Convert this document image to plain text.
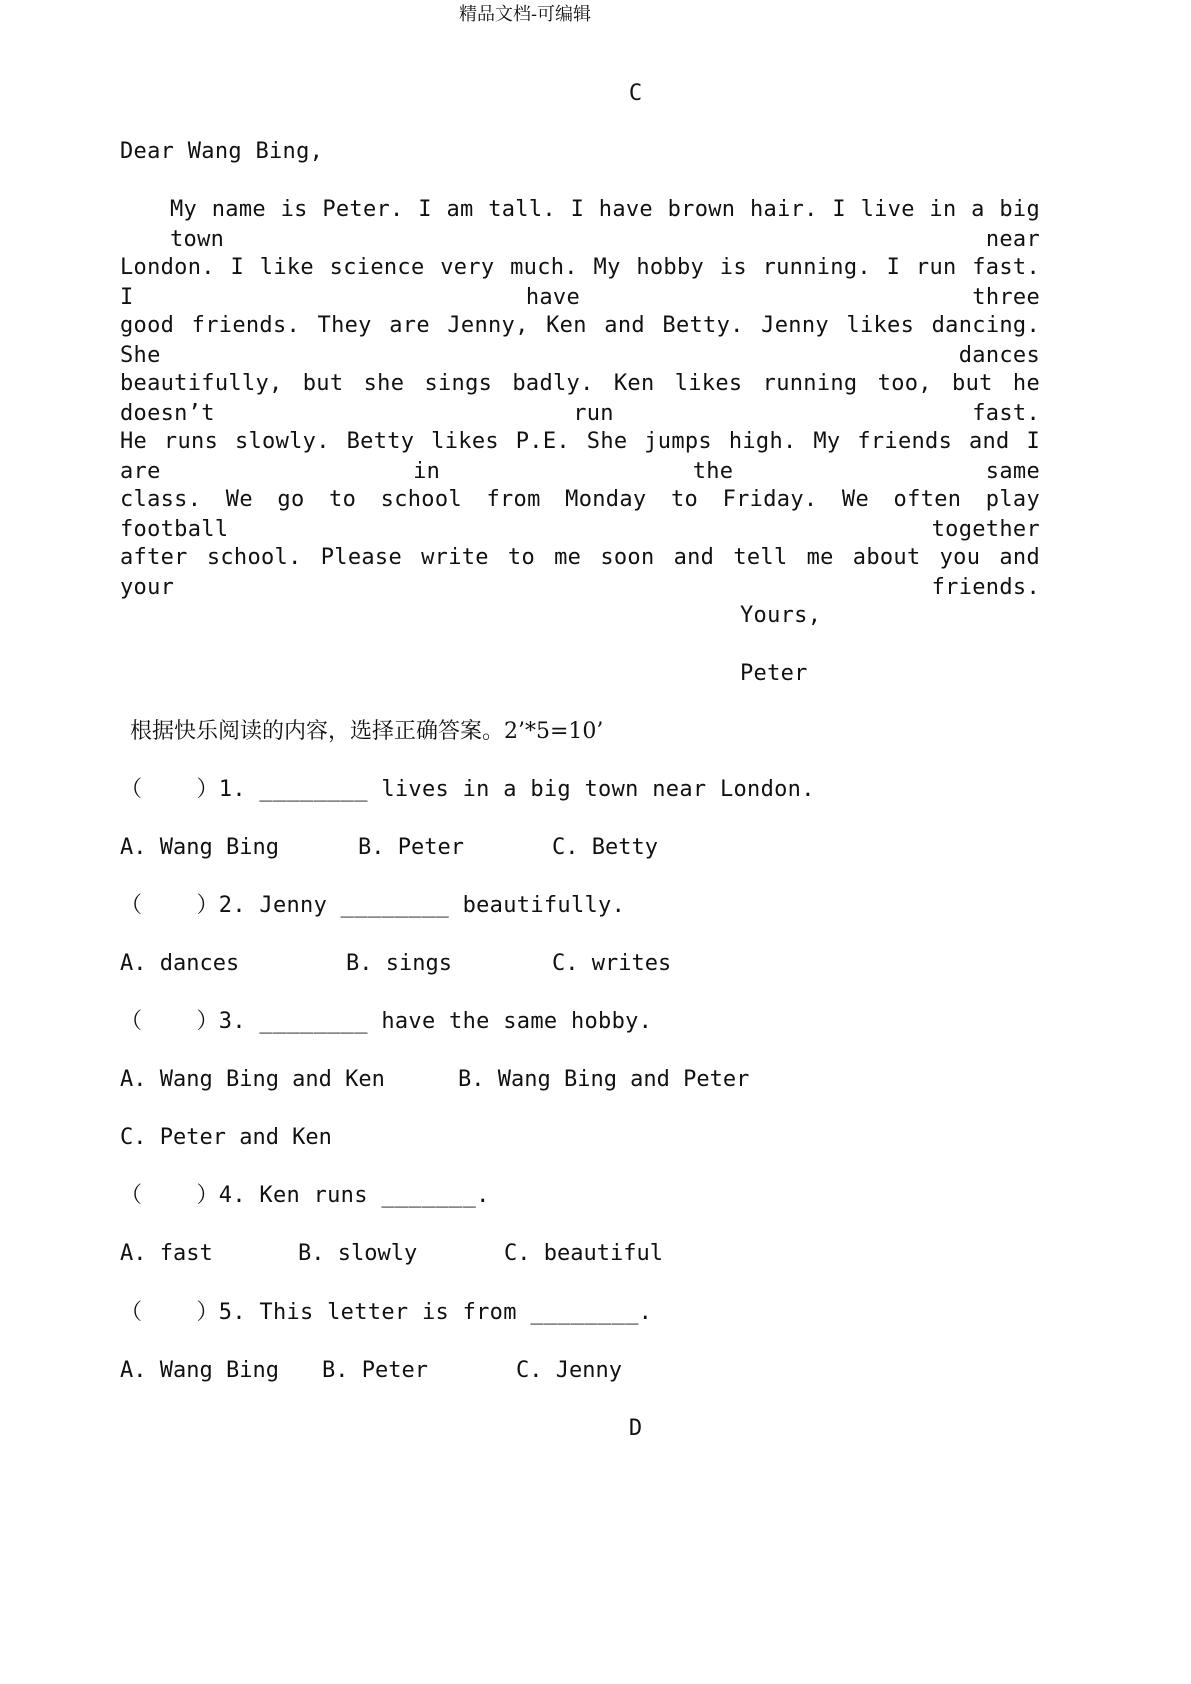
精品文档-可编辑
C
Dear Wang Bing,
My name is Peter. I am tall. I have brown hair. I live in a big town near
London. I like science very much. My hobby is running. I run fast. I have three
good friends. They are Jenny, Ken and Betty. Jenny likes dancing. She dances
beautifully, but she sings badly. Ken likes running too, but he doesn’t run fast.
He runs slowly. Betty likes P.E. She jumps high. My friends and I are in the same
class. We go to school from Monday to Friday. We often play football together
after school. Please write to me soon and tell me about you and your friends.
Yours,
Peter
根据快乐阅读的内容，选择正确答案。2’*5=10’
（    ）1. ________ lives in a big town near London.
A. Wang Bing	B. Peter	C. Betty
（    ）2. Jenny ________ beautifully.
A. dances	B. sings	C. writes
（    ）3. ________ have the same hobby.
A. Wang Bing and Ken	B. Wang Bing and Peter
C. Peter and Ken
（    ）4. Ken runs _______.
A. fast	B. slowly	C. beautiful
（    ）5. This letter is from ________.
A. Wang Bing B. Peter	C. Jenny
D
